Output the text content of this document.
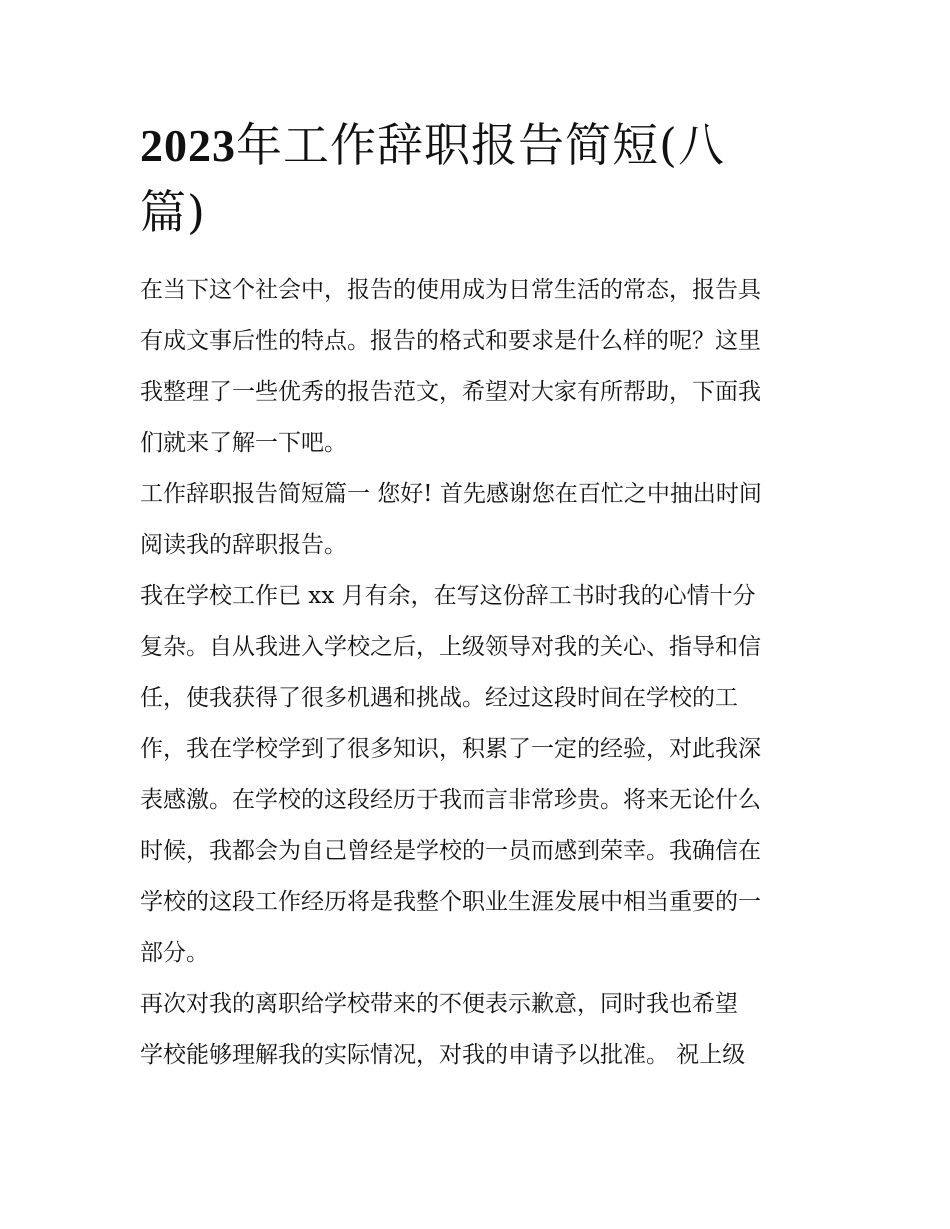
2023年工作辞职报告简短(八
篇)

在当下这个社会中，报告的使用成为日常生活的常态，报告具
有成文事后性的特点。报告的格式和要求是什么样的呢？这里
我整理了一些优秀的报告范文，希望对大家有所帮助，下面我
们就来了解一下吧。

工作辞职报告简短篇一 您好! 首先感谢您在百忙之中抽出时间
阅读我的辞职报告。

我在学校工作已 xx 月有余，在写这份辞工书时我的心情十分
复杂。自从我进入学校之后，上级领导对我的关心、指导和信
任，使我获得了很多机遇和挑战。经过这段时间在学校的工
作，我在学校学到了很多知识，积累了一定的经验，对此我深
表感激。在学校的这段经历于我而言非常珍贵。将来无论什么
时候，我都会为自己曾经是学校的一员而感到荣幸。我确信在
学校的这段工作经历将是我整个职业生涯发展中相当重要的一
部分。

再次对我的离职给学校带来的不便表示歉意，同时我也希望
学校能够理解我的实际情况，对我的申请予以批准。 祝上级
